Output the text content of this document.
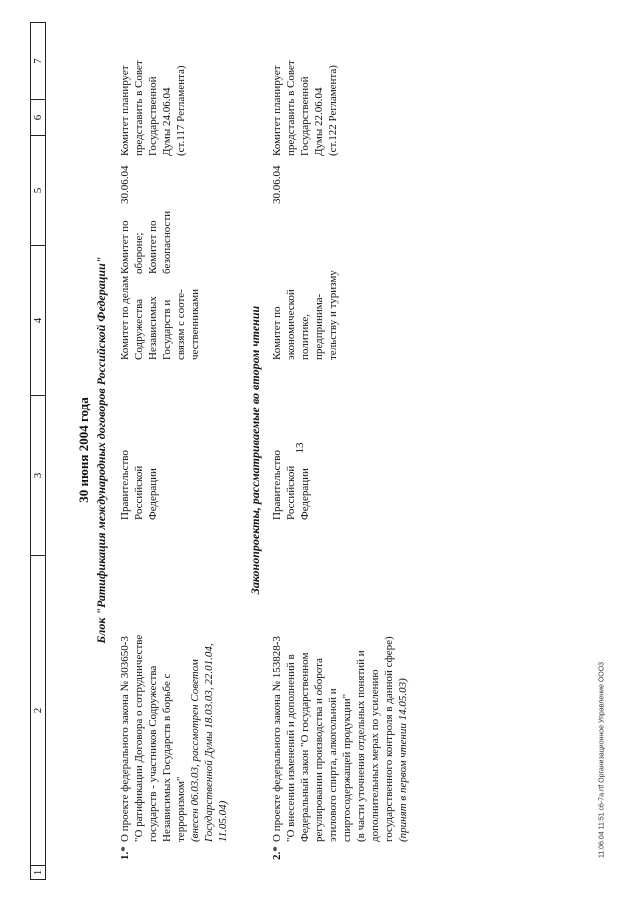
13
11.06.04 11:51 с6-7a.rtf Организационное Управление ООО3
1
2
3
4
5
6
7
30 июня 2004 года Блок "Ратификация международных договоров Российской Федерации"
1.*
О проекте федерального закона № 303650-3 "О ратификации Договора о сотрудничестве государств - участников Содружества Независимых Государств в борьбе с терроризмом" (внесен 06.03.03, рассмотрен Советом Государственной Думы 18.03.03, 22.01.04, 11.05.04)
Правительство
Российской
Федерации
Комитет по делам
Содружества
Независимых
Государств и
связям с соотe-
чественниками
Комитет по
обороне;
Комитет по
безопасности
30.06.04
Комитет планирует
представить в Совет
Государственной
Думы 24.06.04
(ст.117 Регламента)
Законопроекты, рассматриваемые во втором чтении
2.*
О проекте федерального закона № 153828-3 "О внесении изменений и дополнений в Федеральный закон "О государственном регулировании производства и оборота этилового спирта, алкогольной и спиртосодержащей продукции" (в части уточнения отдельных понятий и дополнительных мерах по усилению государственного контроля в данной сфере) (принят в первом чтении 14.05.03)
Правительство
Российской
Федерации
Комитет по
экономической
политике,
предпринима-
тельству и туризму
30.06.04
Комитет планирует
представить в Совет
Государственной
Думы 22.06.04
(ст.122 Регламента)
